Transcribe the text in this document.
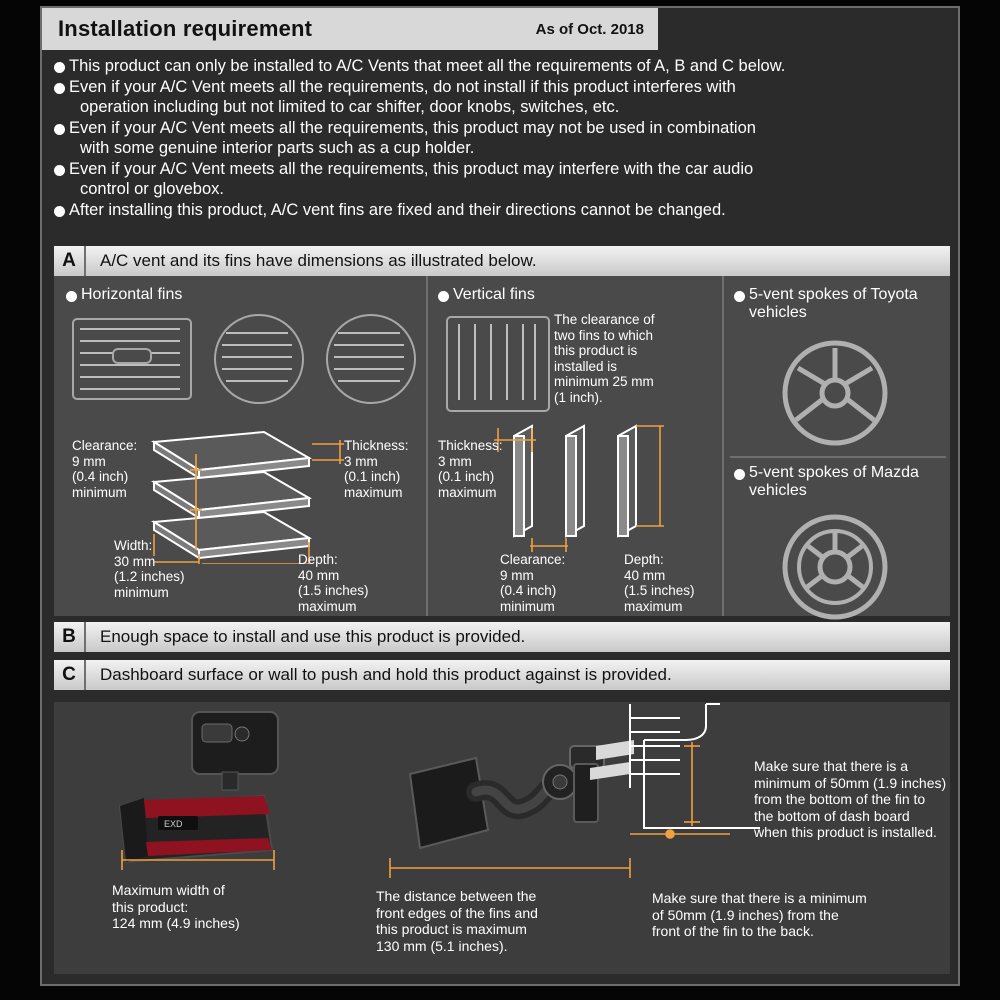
Installation requirement	As of Oct. 2018
This product can only be installed to A/C Vents that meet all the requirements of A, B and C below.
Even if your A/C Vent meets all the requirements, do not install if this product interferes with
operation including but not limited to car shifter, door knobs, switches, etc.
Even if your A/C Vent meets all the requirements, this product may not be used in combination
with some genuine interior parts such as a cup holder.
Even if your A/C Vent meets all the requirements, this product may interfere with the car audio
control or glovebox.
After installing this product, A/C vent fins are fixed and their directions cannot be changed.
A	A/C vent and its fins have dimensions as illustrated below.
Horizontal fins
Clearance:
9 mm
(0.4 inch)
minimum
Thickness:
3 mm
(0.1 inch)
maximum
Width:
30 mm
(1.2 inches)
minimum
Depth:
40 mm
(1.5 inches)
maximum
Vertical fins
The clearance of
two fins to which
this product is
installed is
minimum 25 mm
(1 inch).
Thickness:
3 mm
(0.1 inch)
maximum
Clearance:
9 mm
(0.4 inch)
minimum
Depth:
40 mm
(1.5 inches)
maximum
5-vent spokes of Toyota vehicles
5-vent spokes of Mazda vehicles
B	Enough space to install and use this product is provided.
C	Dashboard surface or wall to push and hold this product against is provided.
EXD
Maximum width of
this product:
124 mm (4.9 inches)
Make sure that there is a
minimum of 50mm (1.9 inches)
from the bottom of the fin to
the bottom of dash board
when this product is installed.
The distance between the
front edges of the fins and
this product is maximum
130 mm (5.1 inches).
Make sure that there is a minimum
of 50mm (1.9 inches) from the
front of the fin to the back.
